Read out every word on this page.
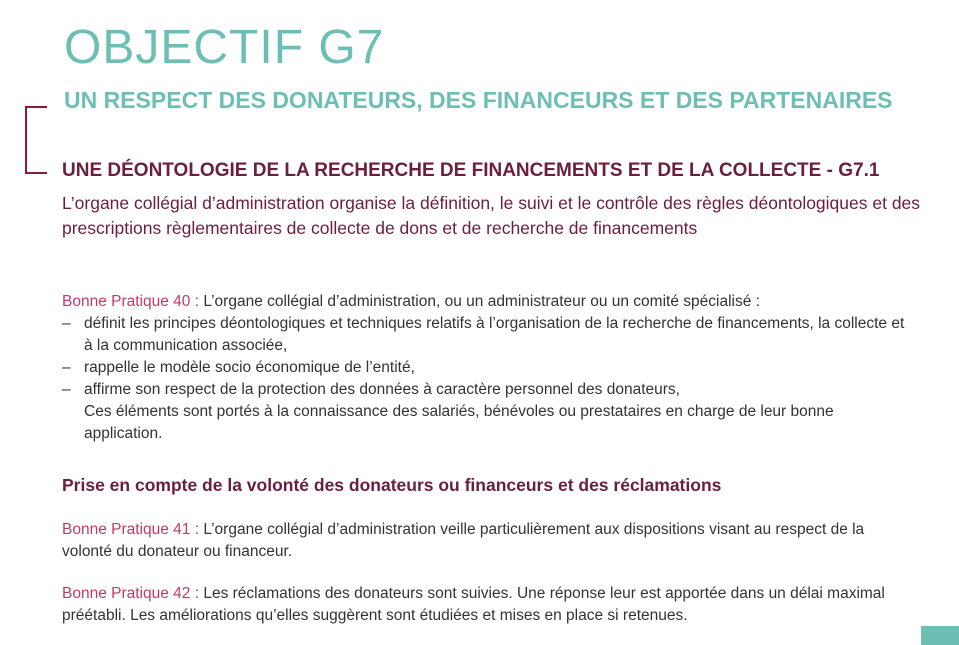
OBJECTIF G7
UN RESPECT DES DONATEURS, DES FINANCEURS ET DES PARTENAIRES
UNE DÉONTOLOGIE DE LA RECHERCHE DE FINANCEMENTS ET DE LA COLLECTE - G7.1

L’organe collégial d’administration organise la définition, le suivi et le contrôle des règles déontologiques et des prescriptions règlementaires de collecte de dons et de recherche de financements

Bonne Pratique 40 : L’organe collégial d’administration, ou un administrateur ou un comité spécialisé :
– définit les principes déontologiques et techniques relatifs à l’organisation de la recherche de financements, la collecte et à la communication associée,
– rappelle le modèle socio économique de l’entité,
– affirme son respect de la protection des données à caractère personnel des donateurs,
Ces éléments sont portés à la connaissance des salariés, bénévoles ou prestataires en charge de leur bonne application.
Prise en compte de la volonté des donateurs ou financeurs et des réclamations
Bonne Pratique 41 : L’organe collégial d’administration veille particulièrement aux dispositions visant au respect de la volonté du donateur ou financeur.
Bonne Pratique 42 : Les réclamations des donateurs sont suivies. Une réponse leur est apportée dans un délai maximal préétabli. Les améliorations qu’elles suggèrent sont étudiées et mises en place si retenues.
